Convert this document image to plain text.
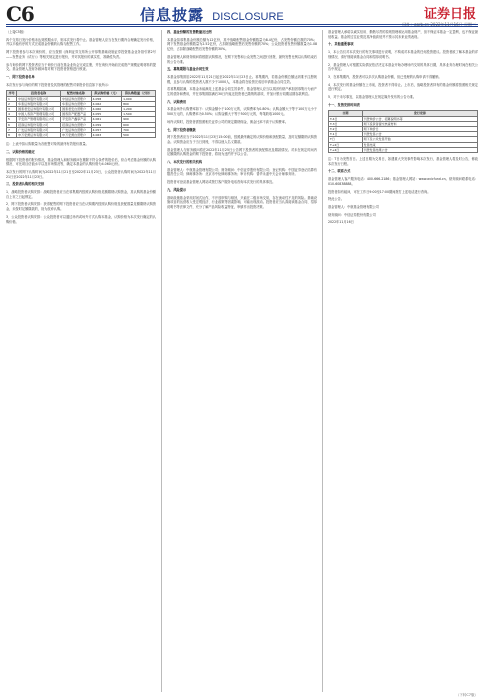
C6	信息披露 DISCLOSURE	证券日报
网址：zqrb.cn 2022年11月16日 星期三

（上接C5版）

四个交易日发行价格未达到预期水平，则本次发行将中止。基金管理人应当在发行期内合理确定发行价格，并以平稳有序的方式完成基金份额的认购与配售工作。

网下投资者参与本次询价的，应当按照《深圳证券交易所公开募集基础设施证券投资基金业务指引第2号——发售业务（试行）》等相关规定进行报价，并对其报价的真实性、准确性负责。

参与询价的网下投资者应当于询价日前在基金业协会完成注册，并在询价开始前完成资产规模证明材料的提交。基金管理人及财务顾问将对网下投资者资格进行核查。

一、网下投资者名单

本次发行参与询价的网下投资者及其管理的配售对象报价信息如下表所示：

序号	投资者名称	配售对象名称	拟认购价格（元）	拟认购数量（万份）
1	中信证券股份有限公司	中信证券自营账户	4.058	1,000
2	华泰证券股份有限公司	华泰证券自营账户	4.062	800
3	国泰君安证券股份有限公司	国泰君安自营账户	4.060	1,200
4	中国人寿资产管理有限公司	国寿资产配置产品	4.055	1,500
5	平安资产管理有限责任公司	平安资产鑫享产品	4.061	900
6	招商证券股份有限公司	招商证券自营账户	4.059	600
7	广发证券股份有限公司	广发证券自营账户	4.057	700
8	申万宏源证券有限公司	申万宏源自营账户	4.063	500

注：上表中拟认购数量为各配售对象的最终有效报价数量。

二、认购价格的确定

根据网下投资者的报价情况，基金管理人和财务顾问在剔除不符合条件的报价后，综合考虑基金份额的认购情况、可比项目估值水平以及市场情况等，确定本基金的认购价格为4.060元/份。

本次发行的网下认购时间为2022年11月21日至2022年11月23日，公众投资者认购时间为2022年11月21日至2022年11月23日。

三、投资者认购的相关安排

1、战略投资者认购安排：战略投资者应当在募集期内按照认购价格足额缴纳认购资金，其认购的基金份额自上市之日起锁定。

2、网下投资者认购安排：获得配售的网下投资者应当在认购期内按照认购价格及获配数量足额缴纳认购资金，未按时足额缴款的，视为放弃认购。

3、公众投资者认购安排：公众投资者可以通过场内或场外方式认购本基金，认购价格为本次发行确定的认购价格。

四、基金份额的发售数量及比例

本基金拟募集基金份额总额为12亿份，其中战略配售基金份额数量为8.4亿份，占发售份额总数的70%；网下发售基金份额数量为2.52亿份，占扣除战略配售后发售份额的70%；公众投资者发售份额数量为1.08亿份，占扣除战略配售后发售份额的30%。

基金管理人和财务顾问将根据认购情况，在网下发售和公众发售之间进行回拨，最终发售比例以认购结束后的公告为准。

五、募集期限与基金合同生效

本基金募集期自2022年11月21日起至2022年11月23日止。募集期内，若基金份额总额达到准予注册规模，且参与认购的投资者人数不少于1000人，本基金将在验资完成后申请基金合同生效。

若募集期届满，本基金未能满足上述基金合同生效条件，基金管理人应当以其固有财产承担因募集行为而产生的债务和费用，并在募集期届满后30日内返还投资者已缴纳的款项，并加计银行同期活期存款利息。

六、认购费用

本基金场外认购费率如下：认购金额小于100万元的，认购费率为0.80%；认购金额大于等于100万元小于500万元的，认购费率为0.50%；认购金额大于等于500万元的，每笔收取1000元。

场内认购时，投资者需按照相关证券公司的规定缴纳佣金，佣金比率不高于认购费率。

七、网下投资者缴款

网下投资者应当于2022年11月23日15:00前，按照最终确定的认购价格和获配数量，及时足额缴纳认购资金。认购资金应当于当日到账，不得以他人名义缴款。

基金管理人与财务顾问将在2022年11月25日公告网下投资者的获配情况及缴款情况。对未在规定时间内足额缴纳认购资金的网下投资者，将视为违约并予以公告。

八、本次发行的相关机构

基金管理人：中航基金管理有限公司；财务顾问：中信证券股份有限公司；登记机构：中国证券登记结算有限责任公司；律师事务所：北京市中伦律师事务所；审计机构：普华永道中天会计师事务所。

投资者可登录基金管理人网站或拨打客户服务电话咨询本次发行的具体事宜。

九、风险提示

基础设施基金采用封闭式运作，不开放申购与赎回，只能在二级市场交易，存在流动性不足的风险。基础设施项目的运营收入受宏观经济、行业政策等因素影响，可能出现波动。投资者应当认真阅读基金合同、招募说明书等法律文件，充分了解产品风险收益特征，审慎作出投资决策。

基金管理人承诺以诚实信用、勤勉尽责的原则管理和运用基金财产，但不保证本基金一定盈利，也不保证最低收益。基金的过往业绩及其净值高低并不预示其未来业绩表现。

十、其他重要事项

1、本公告仅对本次发行的有关事项进行说明，不构成对本基金的任何投资建议。投资者欲了解本基金的详细情况，请仔细阅读基金合同和招募说明书。

2、基金管理人可根据实际情况依法决定本基金开始办理场内交易的具体日期，具体业务办理时间在相关公告中规定。

3、在募集期内，投资者可以多次认购基金份额，但已受理的认购申请不得撤销。

4、本次发行的基金份额在上市前，投资者不得转让。上市后，战略投资者持有的基金份额将按照相关规定进行锁定。

5、对于未尽事宜，以基金管理人在规定媒介发布的公告为准。

十一、发售安排时间表

日期	发行安排
T-4日	刊登询价公告、招募说明书等
T-3日	网下投资者提交核查材料
T-2日	网下询价日
T-1日	刊登发售公告
T日	网下及公众发售开始
T+2日	发售结束
T+4日	刊登发售结果公告

注：T日为发售首日。上述日期为交易日，如遇重大突发事件影响本次发行，基金管理人将及时公告，修改本次发行日程。

十二、联系方式

基金管理人客户服务电话：400-666-2186；基金管理人网站：www.avicfund.cn。财务顾问联系电话：010-60838888。

投资者如有疑问，可在工作日9:00至17:00期间拨打上述电话进行咨询。

特此公告。

基金管理人：中航基金管理有限公司

财务顾问：中信证券股份有限公司

2022年11月16日

（下转C7版）
